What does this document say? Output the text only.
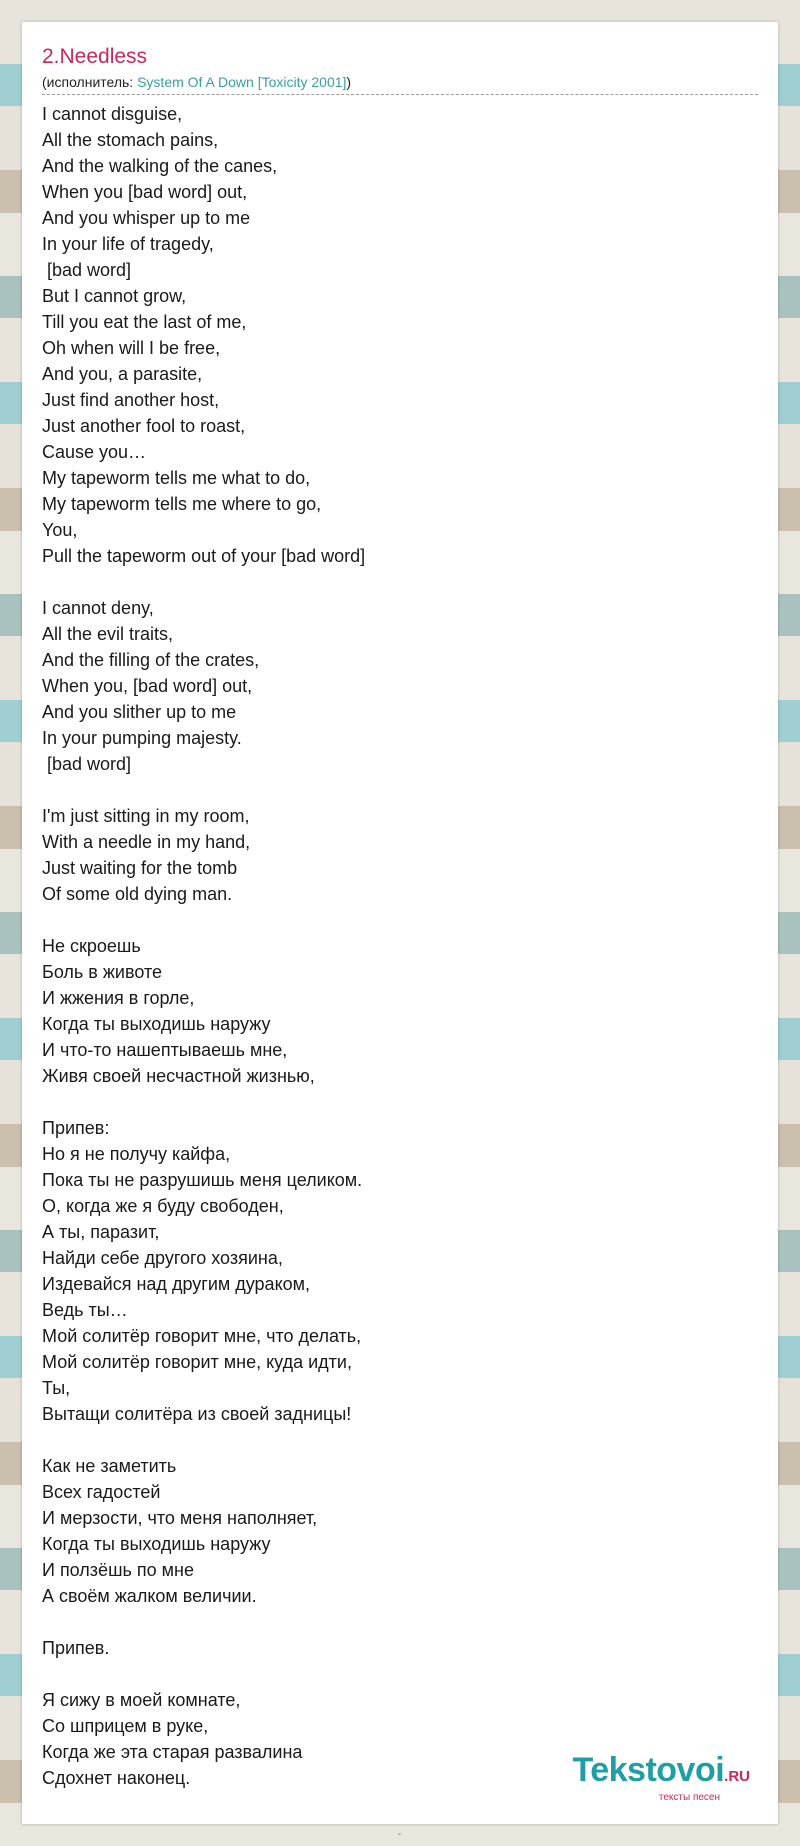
2.Needless
(исполнитель: System Of A Down [Toxicity 2001])
I cannot disguise,
All the stomach pains,
And the walking of the canes,
When you [bad word] out,
And you whisper up to me
In your life of tragedy,
[bad word]
But I cannot grow,
Till you eat the last of me,
Oh when will I be free,
And you, a parasite,
Just find another host,
Just another fool to roast,
Cause you…
My tapeworm tells me what to do,
My tapeworm tells me where to go,
You,
Pull the tapeworm out of your [bad word]
I cannot deny,
All the evil traits,
And the filling of the crates,
When you, [bad word] out,
And you slither up to me
In your pumping majesty.
[bad word]
I'm just sitting in my room,
With a needle in my hand,
Just waiting for the tomb
Of some old dying man.
Не скроешь
Боль в животе
И жжения в горле,
Когда ты выходишь наружу
И что-то нашептываешь мне,
Живя своей несчастной жизнью,
Припев:
Но я не получу кайфа,
Пока ты не разрушишь меня целиком.
О, когда же я буду свободен,
А ты, паразит,
Найди себе другого хозяина,
Издевайся над другим дураком,
Ведь ты…
Мой солитёр говорит мне, что делать,
Мой солитёр говорит мне, куда идти,
Ты,
Вытащи солитёра из своей задницы!
Как не заметить
Всех гадостей
И мерзости, что меня наполняет,
Когда ты выходишь наружу
И ползёшь по мне
А своём жалком величии.
Припев.
Я сижу в моей комнате,
Со шприцем в руке,
Когда же эта старая развалина
Сдохнет наконец.	Tekstovoi.RU
тексты песен
-
